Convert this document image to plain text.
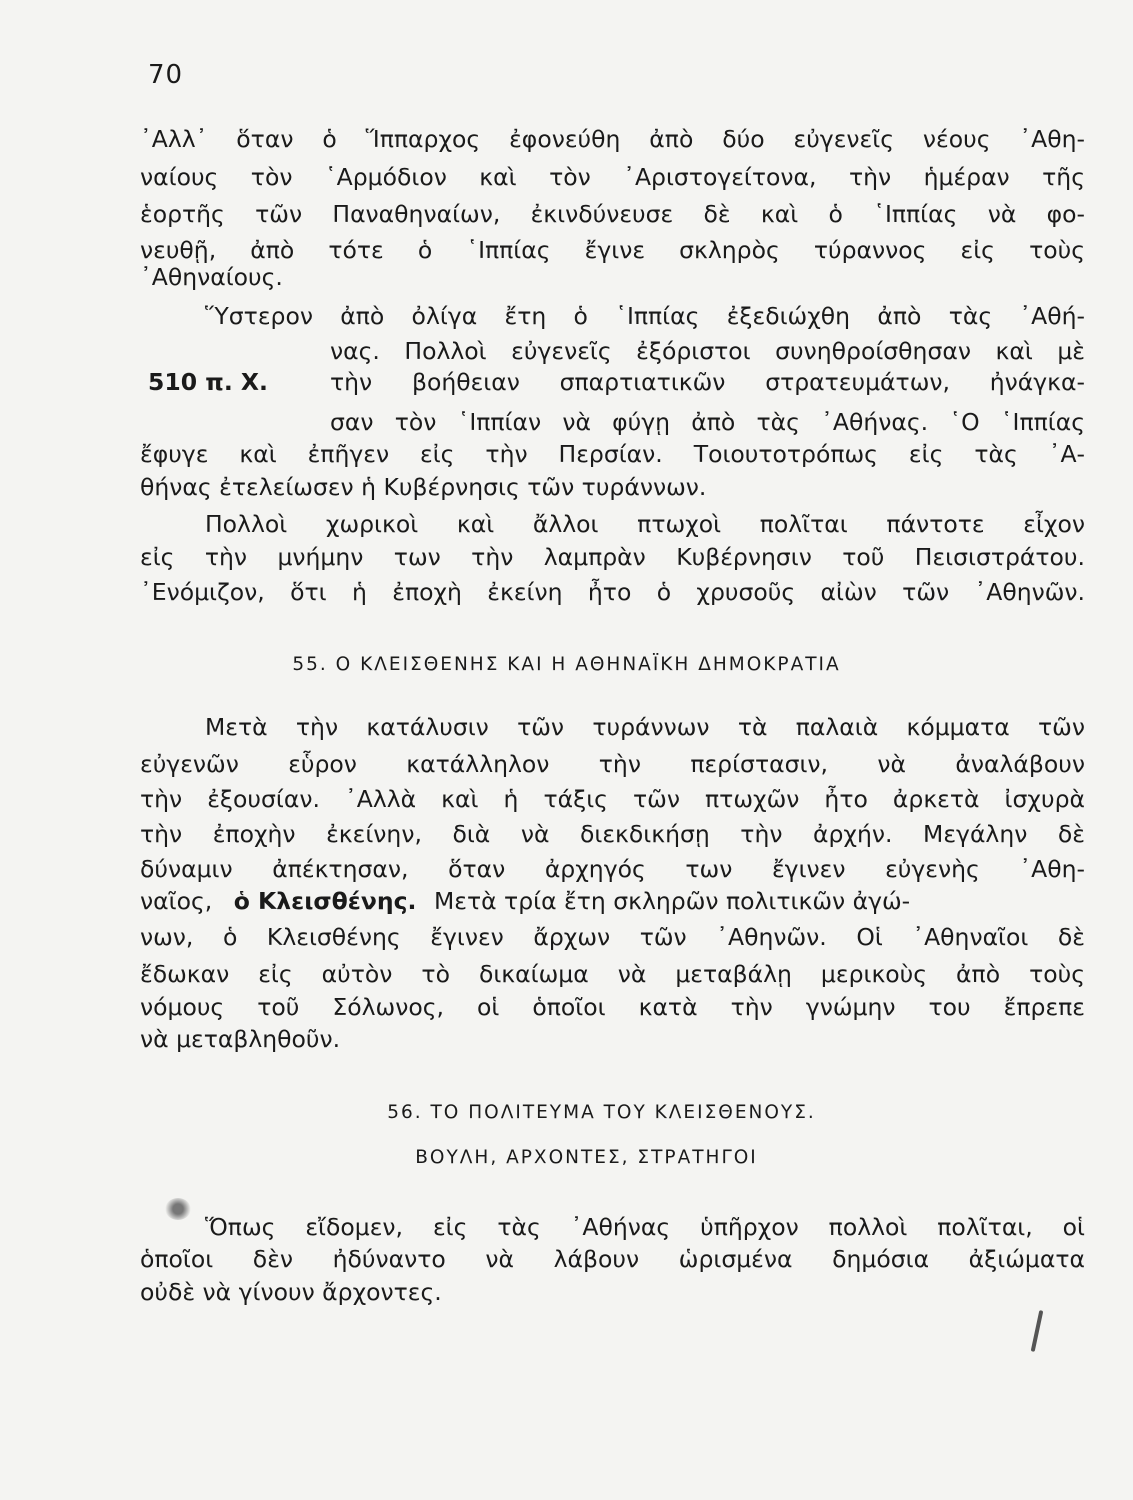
70
510 π. Χ.
᾿Αλλ᾿ ὅταν ὁ Ἵππαρχος ἐφονεύθη ἀπὸ δύο εὐγενεῖς νέους ᾿Αθη-
ναίους τὸν ῾Αρμόδιον καὶ τὸν ᾿Αριστογείτονα, τὴν ἡμέραν τῆς
ἑορτῆς τῶν Παναθηναίων, ἐκινδύνευσε δὲ καὶ ὁ ῾Ιππίας νὰ φο-
νευθῇ, ἀπὸ τότε ὁ ῾Ιππίας ἔγινε σκληρὸς τύραννος εἰς τοὺς
᾿Αθηναίους.
Ὕστερον ἀπὸ ὀλίγα ἔτη ὁ ῾Ιππίας ἐξεδιώχθη ἀπὸ τὰς ᾿Αθή-
νας. Πολλοὶ εὐγενεῖς ἐξόριστοι συνηθροίσθησαν καὶ μὲ
τὴν βοήθειαν σπαρτιατικῶν στρατευμάτων, ἠνάγκα-
σαν τὸν ῾Ιππίαν νὰ φύγῃ ἀπὸ τὰς ᾿Αθήνας. ῾Ο ῾Ιππίας
ἔφυγε καὶ ἐπῆγεν εἰς τὴν Περσίαν. Τοιουτοτρόπως εἰς τὰς ᾿Α-
θήνας ἐτελείωσεν ἡ Κυβέρνησις τῶν τυράννων.
Πολλοὶ χωρικοὶ καὶ ἄλλοι πτωχοὶ πολῖται πάντοτε εἶχον
εἰς τὴν μνήμην των τὴν λαμπρὰν Κυβέρνησιν τοῦ Πεισιστράτου.
᾿Ενόμιζον, ὅτι ἡ ἐποχὴ ἐκείνη ἦτο ὁ χρυσοῦς αἰὼν τῶν ᾿Αθηνῶν.
55. Ο ΚΛΕΙΣΘΕΝΗΣ ΚΑΙ Η ΑΘΗΝΑΪΚΗ ΔΗΜΟΚΡΑΤΙΑ
Μετὰ τὴν κατάλυσιν τῶν τυράννων τὰ παλαιὰ κόμματα τῶν
εὐγενῶν εὗρον κατάλληλον τὴν περίστασιν, νὰ ἀναλάβουν
τὴν ἐξουσίαν. ᾿Αλλὰ καὶ ἡ τάξις τῶν πτωχῶν ἦτο ἀρκετὰ ἰσχυρὰ
τὴν ἐποχὴν ἐκείνην, διὰ νὰ διεκδικήσῃ τὴν ἀρχήν. Μεγάλην δὲ
δύναμιν ἀπέκτησαν, ὅταν ἀρχηγός των ἔγινεν εὐγενὴς ᾿Αθη-
ναῖος, ὁ Κλεισθένης. Μετὰ τρία ἔτη σκληρῶν πολιτικῶν ἀγώ-
νων, ὁ Κλεισθένης ἔγινεν ἄρχων τῶν ᾿Αθηνῶν. Οἱ ᾿Αθηναῖοι δὲ
ἔδωκαν εἰς αὐτὸν τὸ δικαίωμα νὰ μεταβάλῃ μερικοὺς ἀπὸ τοὺς
νόμους τοῦ Σόλωνος, οἱ ὁποῖοι κατὰ τὴν γνώμην του ἔπρεπε
νὰ μεταβληθοῦν.
56. ΤΟ ΠΟΛΙΤΕΥΜΑ ΤΟΥ ΚΛΕΙΣΘΕΝΟΥΣ.
ΒΟΥΛΗ, ΑΡΧΟΝΤΕΣ, ΣΤΡΑΤΗΓΟΙ
Ὅπως εἴδομεν, εἰς τὰς ᾿Αθήνας ὑπῆρχον πολλοὶ πολῖται, οἱ
ὁποῖοι δὲν ἠδύναντο νὰ λάβουν ὡρισμένα δημόσια ἀξιώματα
οὐδὲ νὰ γίνουν ἄρχοντες.
